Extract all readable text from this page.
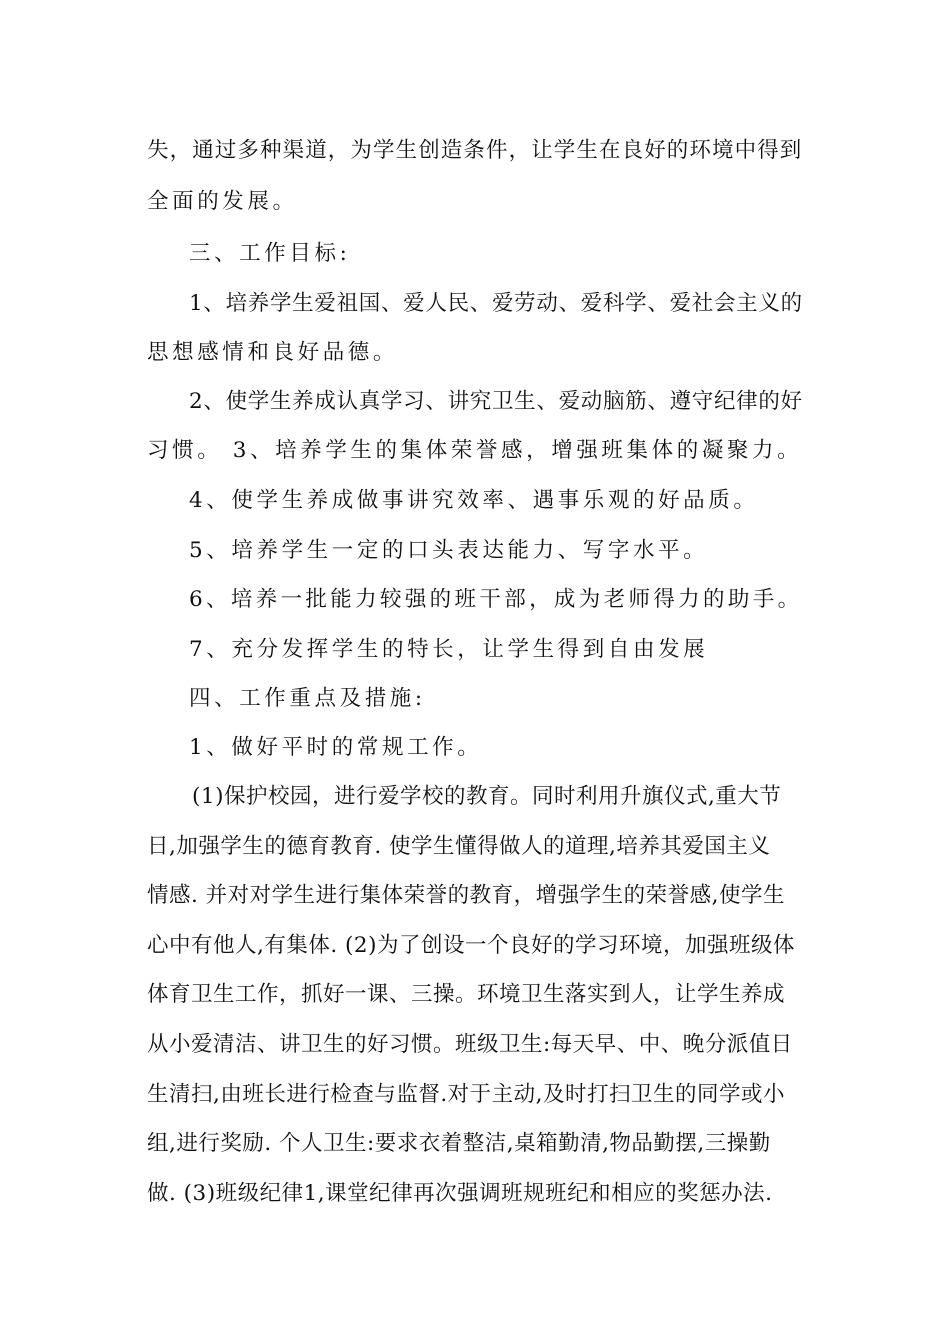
失，通过多种渠道，为学生创造条件，让学生在良好的环境中得到
全面的发展。
三、工作目标:
1、培养学生爱祖国、爱人民、爱劳动、爱科学、爱社会主义的
思想感情和良好品德。
2、使学生养成认真学习、讲究卫生、爱动脑筋、遵守纪律的好
习惯。 3、培养学生的集体荣誉感，增强班集体的凝聚力。
4、使学生养成做事讲究效率、遇事乐观的好品质。
5、培养学生一定的口头表达能力、写字水平。
6、培养一批能力较强的班干部，成为老师得力的助手。
7、充分发挥学生的特长，让学生得到自由发展
四、工作重点及措施:
1、做好平时的常规工作。
(1)保护校园，进行爱学校的教育。同时利用升旗仪式,重大节
日,加强学生的德育教育. 使学生懂得做人的道理,培养其爱国主义
情感. 并对对学生进行集体荣誉的教育，增强学生的荣誉感,使学生
心中有他人,有集体. (2)为了创设一个良好的学习环境，加强班级体
体育卫生工作，抓好一课、三操。环境卫生落实到人，让学生养成
从小爱清洁、讲卫生的好习惯。班级卫生:每天早、中、晚分派值日
生清扫,由班长进行检查与监督.对于主动,及时打扫卫生的同学或小
组,进行奖励. 个人卫生:要求衣着整洁,桌箱勤清,物品勤摆,三操勤
做. (3)班级纪律1,课堂纪律再次强调班规班纪和相应的奖惩办法.
